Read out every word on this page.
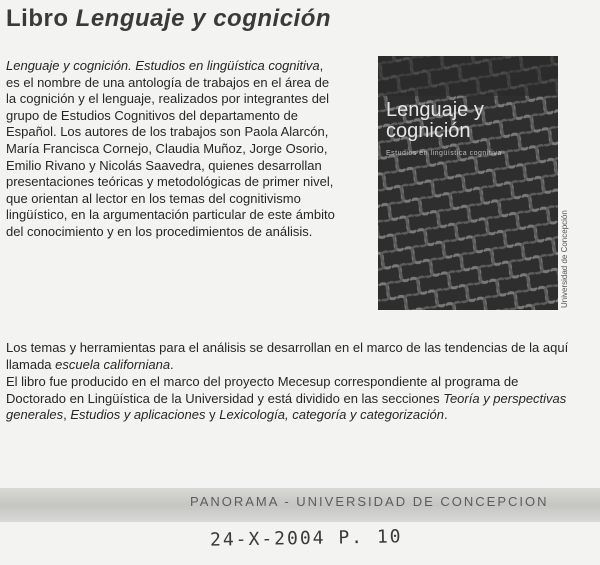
Libro Lenguaje y cognición

Lenguaje y cognición. Estudios en lingüística cognitiva, es el nombre de una antología de trabajos en el área de la cognición y el lenguaje, realizados por integrantes del grupo de Estudios Cognitivos del departamento de Español. Los autores de los trabajos son Paola Alarcón, María Francisca Cornejo, Claudia Muñoz, Jorge Osorio, Emilio Rivano y Nicolás Saavedra, quienes desarrollan presentaciones teóricas y metodológicas de primer nivel, que orientan al lector en los temas del cognitivismo lingüístico, en la argumentación particular de este ámbito del conocimiento y en los procedimientos de análisis.

Lenguaje y cognición

Estudios en lingüística cognitiva

Universidad de Concepción

Los temas y herramientas para el análisis se desarrollan en el marco de las tendencias de la aquí llamada escuela californiana.

El libro fue producido en el marco del proyecto Mecesup correspondiente al programa de Doctorado en Lingüística de la Universidad y está dividido en las secciones Teoría y perspectivas generales, Estudios y aplicaciones y Lexicología, categoría y categorización.

PANORAMA - UNIVERSIDAD DE CONCEPCION
24-X-2004 P. 10
